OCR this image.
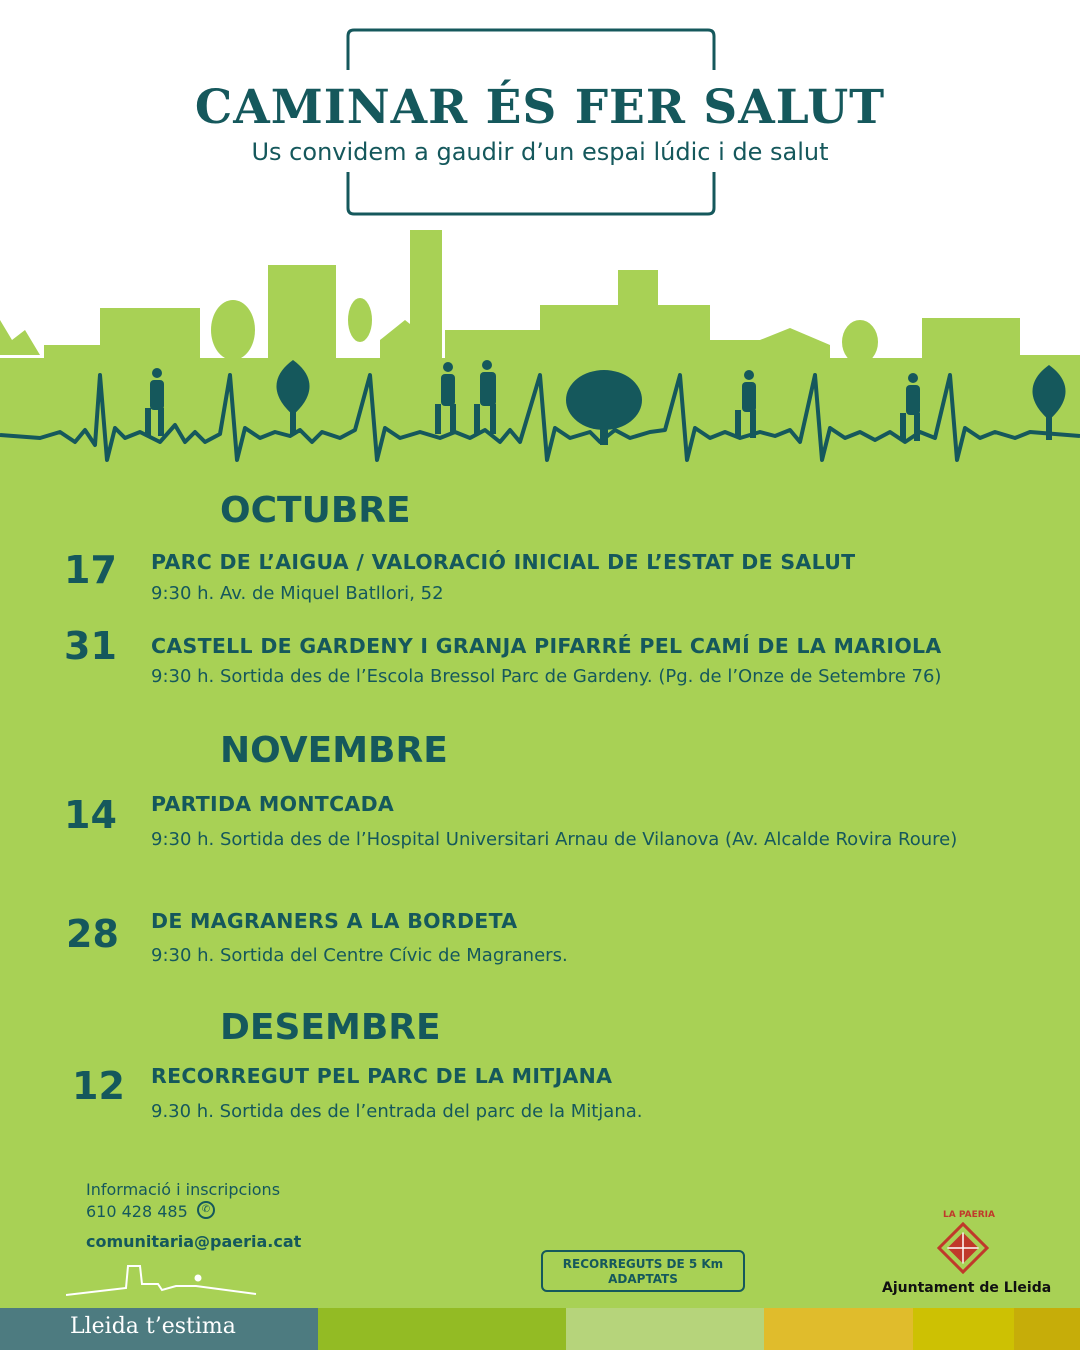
CAMINAR ÉS FER SALUT
Us convidem a gaudir d’un espai lúdic i de salut
OCTUBRE
17 PARC DE L’AIGUA / VALORACIÓ INICIAL DE L’ESTAT DE SALUT
9:30 h. Av. de Miquel Batllori, 52
31 CASTELL DE GARDENY I GRANJA PIFARRÉ PEL CAMÍ DE LA MARIOLA
9:30 h. Sortida des de l’Escola Bressol Parc de Gardeny. (Pg. de l’Onze de Setembre 76)
NOVEMBRE
14 PARTIDA MONTCADA
9:30 h. Sortida des de l’Hospital Universitari Arnau de Vilanova (Av. Alcalde Rovira Roure)
28 DE MAGRANERS A LA BORDETA
9:30 h. Sortida del Centre Cívic de Magraners.
DESEMBRE
12 RECORREGUT PEL PARC DE LA MITJANA
9.30 h. Sortida des de l’entrada del parc de la Mitjana.
Informació i inscripcions
610 428 485	✆
comunitaria@paeria.cat
RECORREGUTS DE 5 Km
ADAPTATS
LA PAERIA
Ajuntament de Lleida
Lleida t’estima
